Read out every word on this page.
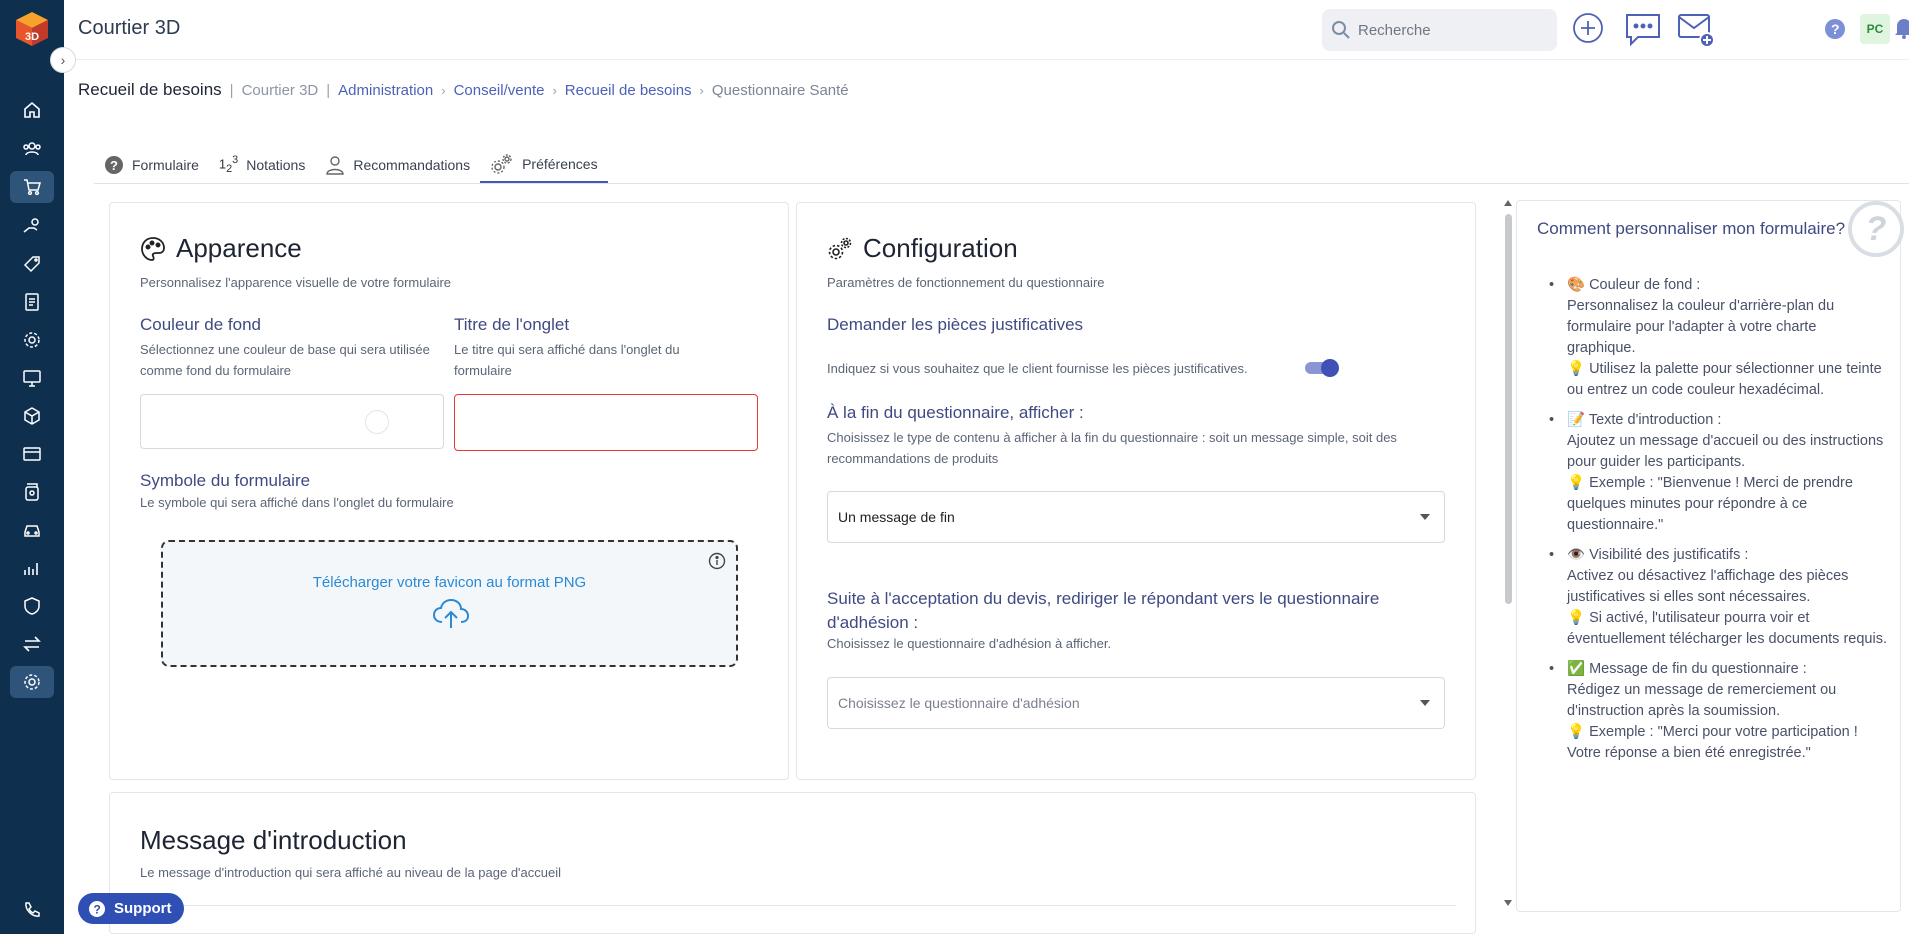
3D
›
Courtier 3D	Recherche	?	PC
Recueil de besoins | Courtier 3D | Administration › Conseil/vente › Recueil de besoins › Questionnaire Santé
? Formulaire $1_2^3$ Notations	Recommandations	Préférences
Apparence
Personnalisez l'apparence visuelle de votre formulaire
Couleur de fond
Sélectionnez une couleur de base qui sera utilisée comme fond du formulaire
Titre de l'onglet
Le titre qui sera affiché dans l'onglet du formulaire
Symbole du formulaire
Le symbole qui sera affiché dans l'onglet du formulaire
Télécharger votre favicon au format PNG
Configuration
Paramètres de fonctionnement du questionnaire
Demander les pièces justificatives
Indiquez si vous souhaitez que le client fournisse les pièces justificatives.
À la fin du questionnaire, afficher :
Choisissez le type de contenu à afficher à la fin du questionnaire : soit un message simple, soit des recommandations de produits
Un message de fin
Suite à l'acceptation du devis, rediriger le répondant vers le questionnaire d'adhésion :
Choisissez le questionnaire d'adhésion à afficher.
Choisissez le questionnaire d'adhésion
Message d'introduction
Le message d'introduction qui sera affiché au niveau de la page d'accueil
?
Comment personnaliser mon formulaire?
• 🎨 Couleur de fond :
Personnalisez la couleur d'arrière-plan du formulaire pour l'adapter à votre charte graphique.
💡 Utilisez la palette pour sélectionner une teinte ou entrez un code couleur hexadécimal.
• 📝 Texte d'introduction :
Ajoutez un message d'accueil ou des instructions pour guider les participants.
💡 Exemple : "Bienvenue ! Merci de prendre quelques minutes pour répondre à ce questionnaire."
• 👁️ Visibilité des justificatifs :
Activez ou désactivez l'affichage des pièces justificatives si elles sont nécessaires.
💡 Si activé, l'utilisateur pourra voir et éventuellement télécharger les documents requis.
• ✅ Message de fin du questionnaire :
Rédigez un message de remerciement ou d'instruction après la soumission.
💡 Exemple : "Merci pour votre participation ! Votre réponse a bien été enregistrée."
? Support
